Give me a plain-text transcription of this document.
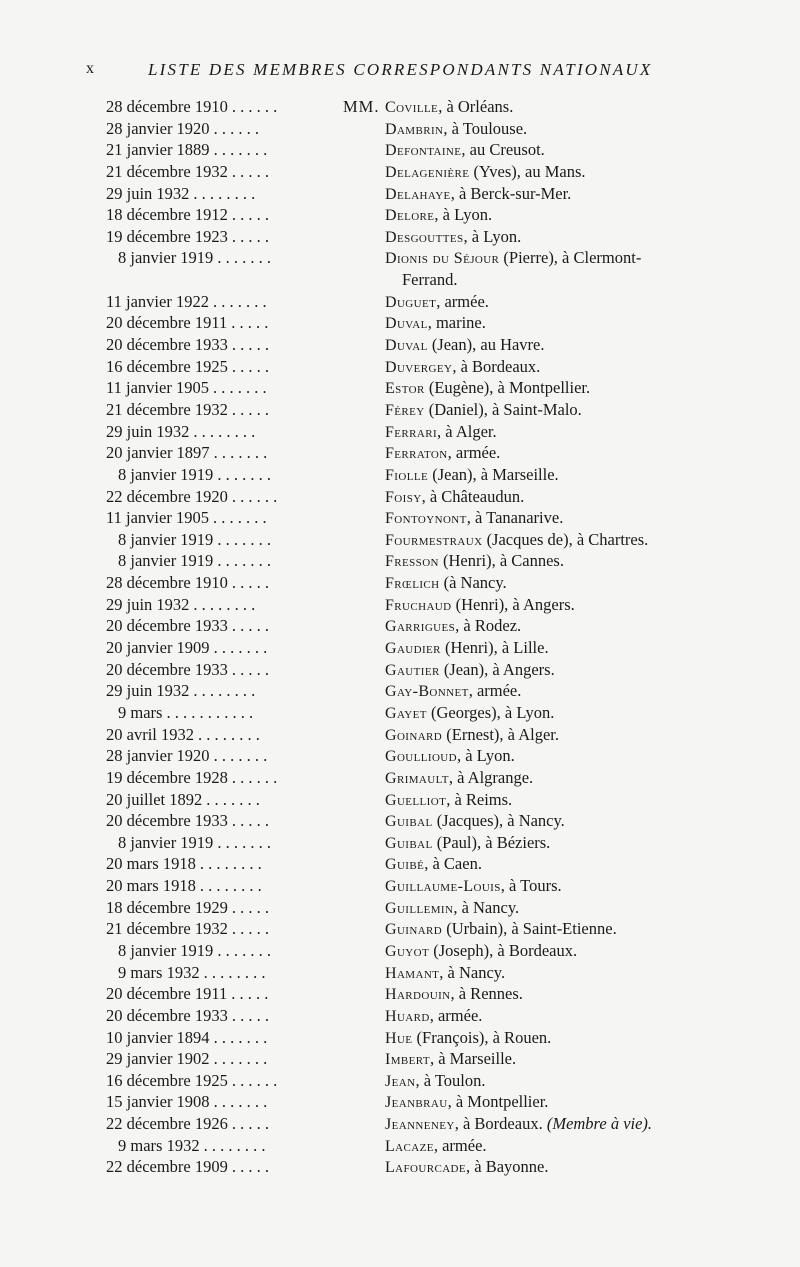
x	LISTE DES MEMBRES CORRESPONDANTS NATIONAUX
28 décembre 1910 . . . . . .	MM. Coville, à Orléans.
28 janvier 1920 . . . . . .	Dambrin, à Toulouse.
21 janvier 1889 . . . . . . .	Defontaine, au Creusot.
21 décembre 1932 . . . . .	Delagenière (Yves), au Mans.
29 juin 1932 . . . . . . . .	Delahaye, à Berck-sur-Mer.
18 décembre 1912 . . . . .	Delore, à Lyon.
19 décembre 1923 . . . . .	Desgouttes, à Lyon.
8 janvier 1919 . . . . . . .	Dionis du Séjour (Pierre), à Clermont-
Ferrand.
11 janvier 1922 . . . . . . .	Duguet, armée.
20 décembre 1911 . . . . .	Duval, marine.
20 décembre 1933 . . . . .	Duval (Jean), au Havre.
16 décembre 1925 . . . . .	Duvergey, à Bordeaux.
11 janvier 1905 . . . . . . .	Estor (Eugène), à Montpellier.
21 décembre 1932 . . . . .	Férey (Daniel), à Saint-Malo.
29 juin 1932 . . . . . . . .	Ferrari, à Alger.
20 janvier 1897 . . . . . . .	Ferraton, armée.
8 janvier 1919 . . . . . . .	Fiolle (Jean), à Marseille.
22 décembre 1920 . . . . . .	Foisy, à Châteaudun.
11 janvier 1905 . . . . . . .	Fontoynont, à Tananarive.
8 janvier 1919 . . . . . . .	Fourmestraux (Jacques de), à Chartres.
8 janvier 1919 . . . . . . .	Fresson (Henri), à Cannes.
28 décembre 1910 . . . . .	Frœlich (à Nancy.
29 juin 1932 . . . . . . . .	Fruchaud (Henri), à Angers.
20 décembre 1933 . . . . .	Garrigues, à Rodez.
20 janvier 1909 . . . . . . .	Gaudier (Henri), à Lille.
20 décembre 1933 . . . . .	Gautier (Jean), à Angers.
29 juin 1932 . . . . . . . .	Gay-Bonnet, armée.
9 mars . . . . . . . . . . .	Gayet (Georges), à Lyon.
20 avril 1932 . . . . . . . .	Goinard (Ernest), à Alger.
28 janvier 1920 . . . . . . .	Goullioud, à Lyon.
19 décembre 1928 . . . . . .	Grimault, à Algrange.
20 juillet 1892 . . . . . . .	Guelliot, à Reims.
20 décembre 1933 . . . . .	Guibal (Jacques), à Nancy.
8 janvier 1919 . . . . . . .	Guibal (Paul), à Béziers.
20 mars 1918 . . . . . . . .	Guibé, à Caen.
20 mars 1918 . . . . . . . .	Guillaume-Louis, à Tours.
18 décembre 1929 . . . . .	Guillemin, à Nancy.
21 décembre 1932 . . . . .	Guinard (Urbain), à Saint-Etienne.
8 janvier 1919 . . . . . . .	Guyot (Joseph), à Bordeaux.
9 mars 1932 . . . . . . . .	Hamant, à Nancy.
20 décembre 1911 . . . . .	Hardouin, à Rennes.
20 décembre 1933 . . . . .	Huard, armée.
10 janvier 1894 . . . . . . .	Hue (François), à Rouen.
29 janvier 1902 . . . . . . .	Imbert, à Marseille.
16 décembre 1925 . . . . . .	Jean, à Toulon.
15 janvier 1908 . . . . . . .	Jeanbrau, à Montpellier.
22 décembre 1926 . . . . .	Jeanneney, à Bordeaux. (Membre à vie).
9 mars 1932 . . . . . . . .	Lacaze, armée.
22 décembre 1909 . . . . .	Lafourcade, à Bayonne.
